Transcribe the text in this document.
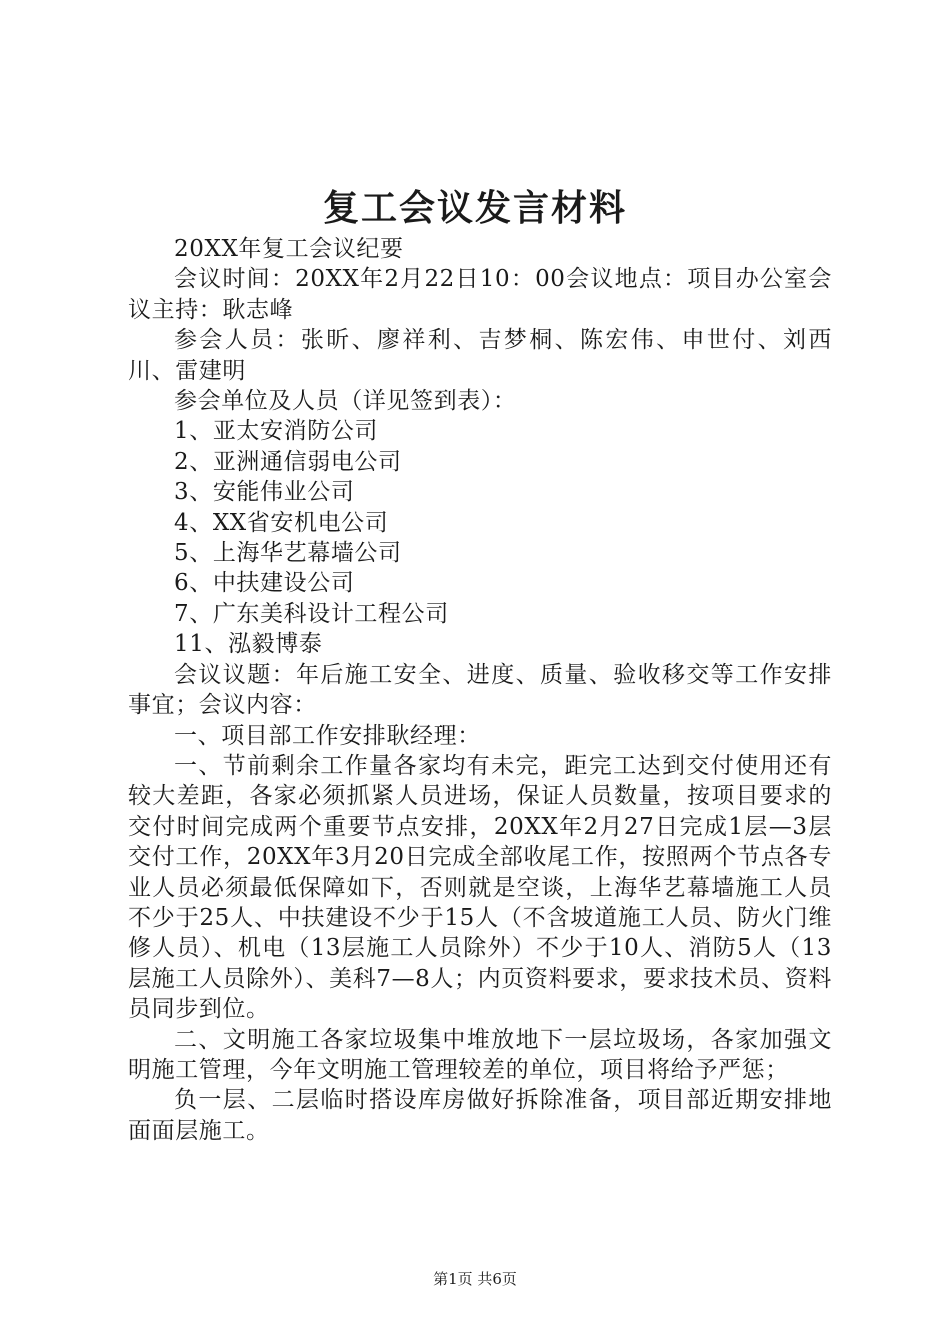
复工会议发言材料

20XX年复工会议纪要

会议时间：20XX年2月22日10：00会议地点：项目办公室会议主持：耿志峰

参会人员：张昕、廖祥利、吉梦桐、陈宏伟、申世付、刘西川、雷建明

参会单位及人员（详见签到表）：

1、亚太安消防公司

2、亚洲通信弱电公司

3、安能伟业公司

4、XX省安机电公司

5、上海华艺幕墙公司

6、中扶建设公司

7、广东美科设计工程公司

11、泓毅博泰

会议议题：年后施工安全、进度、质量、验收移交等工作安排事宜；会议内容：

一、项目部工作安排耿经理：

一、节前剩余工作量各家均有未完，距完工达到交付使用还有较大差距，各家必须抓紧人员进场，保证人员数量，按项目要求的交付时间完成两个重要节点安排，20XX年2月27日完成1层—3层交付工作，20XX年3月20日完成全部收尾工作，按照两个节点各专业人员必须最低保障如下，否则就是空谈，上海华艺幕墙施工人员不少于25人、中扶建设不少于15人（不含坡道施工人员、防火门维修人员）、机电（13层施工人员除外）不少于10人、消防5人（13层施工人员除外）、美科7—8人；内页资料要求，要求技术员、资料员同步到位。

二、文明施工各家垃圾集中堆放地下一层垃圾场，各家加强文明施工管理，今年文明施工管理较差的单位，项目将给予严惩；

负一层、二层临时搭设库房做好拆除准备，项目部近期安排地面面层施工。

第1页 共6页
